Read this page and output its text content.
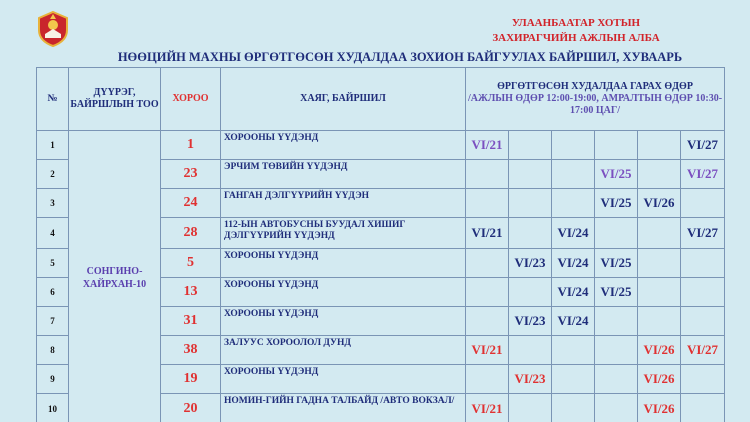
УЛААНБААТАР ХОТЫН
ЗАХИРАГЧИЙН АЖЛЫН АЛБА
НӨӨЦИЙН МАХНЫ ӨРГӨТГӨСӨН ХУДАЛДАА ЗОХИОН БАЙГУУЛАХ БАЙРШИЛ, ХУВААРЬ
№	ДҮҮРЭГ, БАЙРШЛЫН ТОО	ХОРОО	ХАЯГ, БАЙРШИЛ	ӨРГӨТГӨСӨН ХУДАЛДАА ГАРАХ ӨДӨР
/АЖЛЫН ӨДӨР 12:00-19:00, АМРАЛТЫН ӨДӨР 10:30-17:00 ЦАГ/					

1	СОНГИНО-ХАЙРХАН-10	1	ХОРООНЫ ҮҮДЭНД	VI/21					VI/27
2		23	ЭРЧИМ ТӨВИЙН ҮҮДЭНД				VI/25		VI/27
3		24	ГАНГАН ДЭЛГҮҮРИЙН ҮҮДЭН				VI/25	VI/26	
4		28	112-ЫН АВТОБУСНЫ БУУДАЛ ХИШИГ ДЭЛГҮҮРИЙН ҮҮДЭНД	VI/21		VI/24			VI/27
5		5	ХОРООНЫ ҮҮДЭНД		VI/23	VI/24	VI/25		
6		13	ХОРООНЫ ҮҮДЭНД			VI/24	VI/25		
7		31	ХОРООНЫ ҮҮДЭНД		VI/23	VI/24			
8		38	ЗАЛУУС ХОРООЛОЛ ДУНД	VI/21				VI/26	VI/27
9		19	ХОРООНЫ ҮҮДЭНД		VI/23			VI/26	
10		20	НОМИН-ГИЙН ГАДНА ТАЛБАЙД /АВТО ВОКЗАЛ/	VI/21				VI/26	
